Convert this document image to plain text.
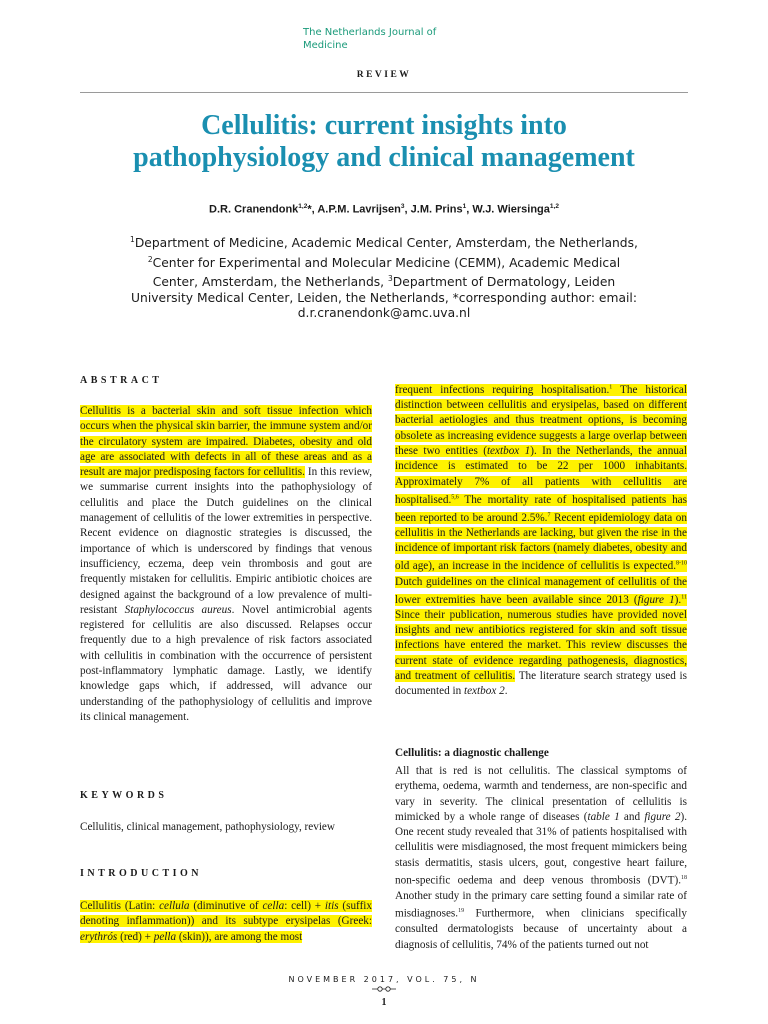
The Netherlands Journal of Medicine
REVIEW
Cellulitis: current insights into
pathophysiology and clinical management
D.R. Cranendonk$^{1,2}$*, A.P.M. Lavrijsen$^3$, J.M. Prins$^1$, W.J. Wiersinga$^{1,2}$
$^1$Department of Medicine, Academic Medical Center, Amsterdam, the Netherlands, $^2$Center for Experimental and Molecular Medicine (CEMM), Academic Medical Center, Amsterdam, the Netherlands, $^3$Department of Dermatology, Leiden University Medical Center, Leiden, the Netherlands, *corresponding author: email: d.r.cranendonk@amc.uva.nl
ABSTRACT
Cellulitis is a bacterial skin and soft tissue infection which occurs when the physical skin barrier, the immune system and/or the circulatory system are impaired. Diabetes, obesity and old age are associated with defects in all of these areas and as a result are major predisposing factors for cellulitis. In this review, we summarise current insights into the pathophysiology of cellulitis and place the Dutch guidelines on the clinical management of cellulitis of the lower extremities in perspective. Recent evidence on diagnostic strategies is discussed, the importance of which is underscored by findings that venous insufficiency, eczema, deep vein thrombosis and gout are frequently mistaken for cellulitis. Empiric antibiotic choices are designed against the background of a low prevalence of multi-resistant Staphylococcus aureus. Novel antimicrobial agents registered for cellulitis are also discussed. Relapses occur frequently due to a high prevalence of risk factors associated with cellulitis in combination with the occurrence of persistent post-inflammatory lymphatic damage. Lastly, we identify knowledge gaps which, if addressed, will advance our understanding of the pathophysiology of cellulitis and improve its clinical management.
KEYWORDS
Cellulitis, clinical management, pathophysiology, review
INTRODUCTION
Cellulitis (Latin: cellula (diminutive of cella: cell) + itis (suffix denoting inflammation)) and its subtype erysipelas (Greek: erythrós (red) + pella (skin)), are among the most
frequent infections requiring hospitalisation.$^1$ The historical distinction between cellulitis and erysipelas, based on different bacterial aetiologies and thus treatment options, is becoming obsolete as increasing evidence suggests a large overlap between these two entities (textbox 1). In the Netherlands, the annual incidence is estimated to be 22 per 1000 inhabitants. Approximately 7% of all patients with cellulitis are hospitalised.$^{5,6}$ The mortality rate of hospitalised patients has been reported to be around 2.5%.$^7$ Recent epidemiology data on cellulitis in the Netherlands are lacking, but given the rise in the incidence of important risk factors (namely diabetes, obesity and old age), an increase in the incidence of cellulitis is expected.$^{8-10}$ Dutch guidelines on the clinical management of cellulitis of the lower extremities have been available since 2013 (figure 1).$^{11}$ Since their publication, numerous studies have provided novel insights and new antibiotics registered for skin and soft tissue infections have entered the market. This review discusses the current state of evidence regarding pathogenesis, diagnostics, and treatment of cellulitis. The literature search strategy used is documented in textbox 2.
Cellulitis: a diagnostic challenge
All that is red is not cellulitis. The classical symptoms of erythema, oedema, warmth and tenderness, are non-specific and vary in severity. The clinical presentation of cellulitis is mimicked by a whole range of diseases (table 1 and figure 2). One recent study revealed that 31% of patients hospitalised with cellulitis were misdiagnosed, the most frequent mimickers being stasis dermatitis, stasis ulcers, gout, congestive heart failure, non-specific oedema and deep venous thrombosis (DVT).$^{18}$ Another study in the primary care setting found a similar rate of misdiagnoses.$^{19}$ Furthermore, when clinicians specifically consulted dermatologists because of uncertainty about a diagnosis of cellulitis, 74% of the patients turned out not
NOVEMBER 2017, VOL. 75, N
1
